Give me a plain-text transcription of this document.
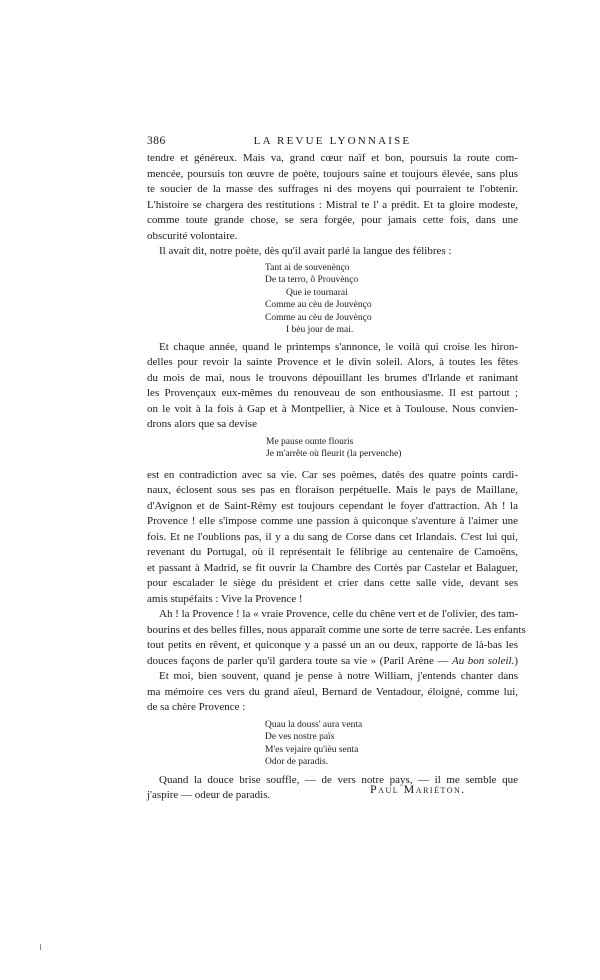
386	LA REVUE LYONNAISE

tendre et généreux. Mais va, grand cœur naïf et bon, poursuis la route com-
mencée, poursuis ton œuvre de poète, toujours saine et toujours élevée, sans plus
te soucier de la masse des suffrages ni des moyens qui pourraient te l'obtenir.
L'histoire se chargera des restitutions : Mistral te l' a prédit. Et ta gloire modeste,
comme toute grande chose, se sera forgée, pour jamais cette fois, dans une
obscurité volontaire.

Il avait dit, notre poète, dès qu'il avait parlé la langue des félibres :

Tant ai de souvenènço
De ta terro, ô Prouvènço
Que ie tournarai
Comme au cèu de Jouvènço
Comme au cèu de Jouvènço
I bèu jour de mai.

Et chaque année, quand le printemps s'annonce, le voilà qui croise les hiron-
delles pour revoir la sainte Provence et le divin soleil. Alors, à toutes les fêtes
du mois de mai, nous le trouvons dépouillant les brumes d'Irlande et ranimant
les Provençaux eux-mêmes du renouveau de son enthousiasme. Il est partout ;
on le voit à la fois à Gap et à Montpellier, à Nice et à Toulouse. Nous convien-
drons alors que sa devise

Me pause ounte flouris
Je m'arrête où fleurit (la pervenche)

est en contradiction avec sa vie. Car ses poèmes, datés des quatre points cardi-
naux, éclosent sous ses pas en floraison perpétuelle. Mais le pays de Maillane,
d'Avignon et de Saint-Rémy est toujours cependant le foyer d'attraction. Ah ! la
Provence ! elle s'impose comme une passion à quiconque s'aventure à l'aimer une
fois. Et ne l'oublions pas, il y a du sang de Corse dans cet Irlandais. C'est lui qui,
revenant du Portugal, où il représentait le félibrige au centenaire de Camoëns,
et passant à Madrid, se fit ouvrir la Chambre des Cortès par Castelar et Balaguer,
pour escalader le siège du président et crier dans cette salle vide, devant ses
amis stupéfaits : Vive la Provence !

Ah ! la Provence ! la « vraie Provence, celle du chêne vert et de l'olivier, des tam-
bourins et des belles filles, nous apparaît comme une sorte de terre sacrée. Les enfants
tout petits en rêvent, et quiconque y a passé un an ou deux, rapporte de là-bas les
douces façons de parler qu'il gardera toute sa vie » (Paril Arène — Au bon soleil.)

Et moi, bien souvent, quand je pense à notre William, j'entends chanter dans
ma mémoire ces vers du grand aïeul, Bernard de Ventadour, éloigné, comme lui,
de sa chère Provence :

Quau la douss' aura venta
De ves nostre païs
M'es vejaire qu'ièu senta
Odor de paradis.

Quand la douce brise souffle, — de vers notre pays, — il me semble que
j'aspire — odeur de paradis.	Paul Mariéton.
